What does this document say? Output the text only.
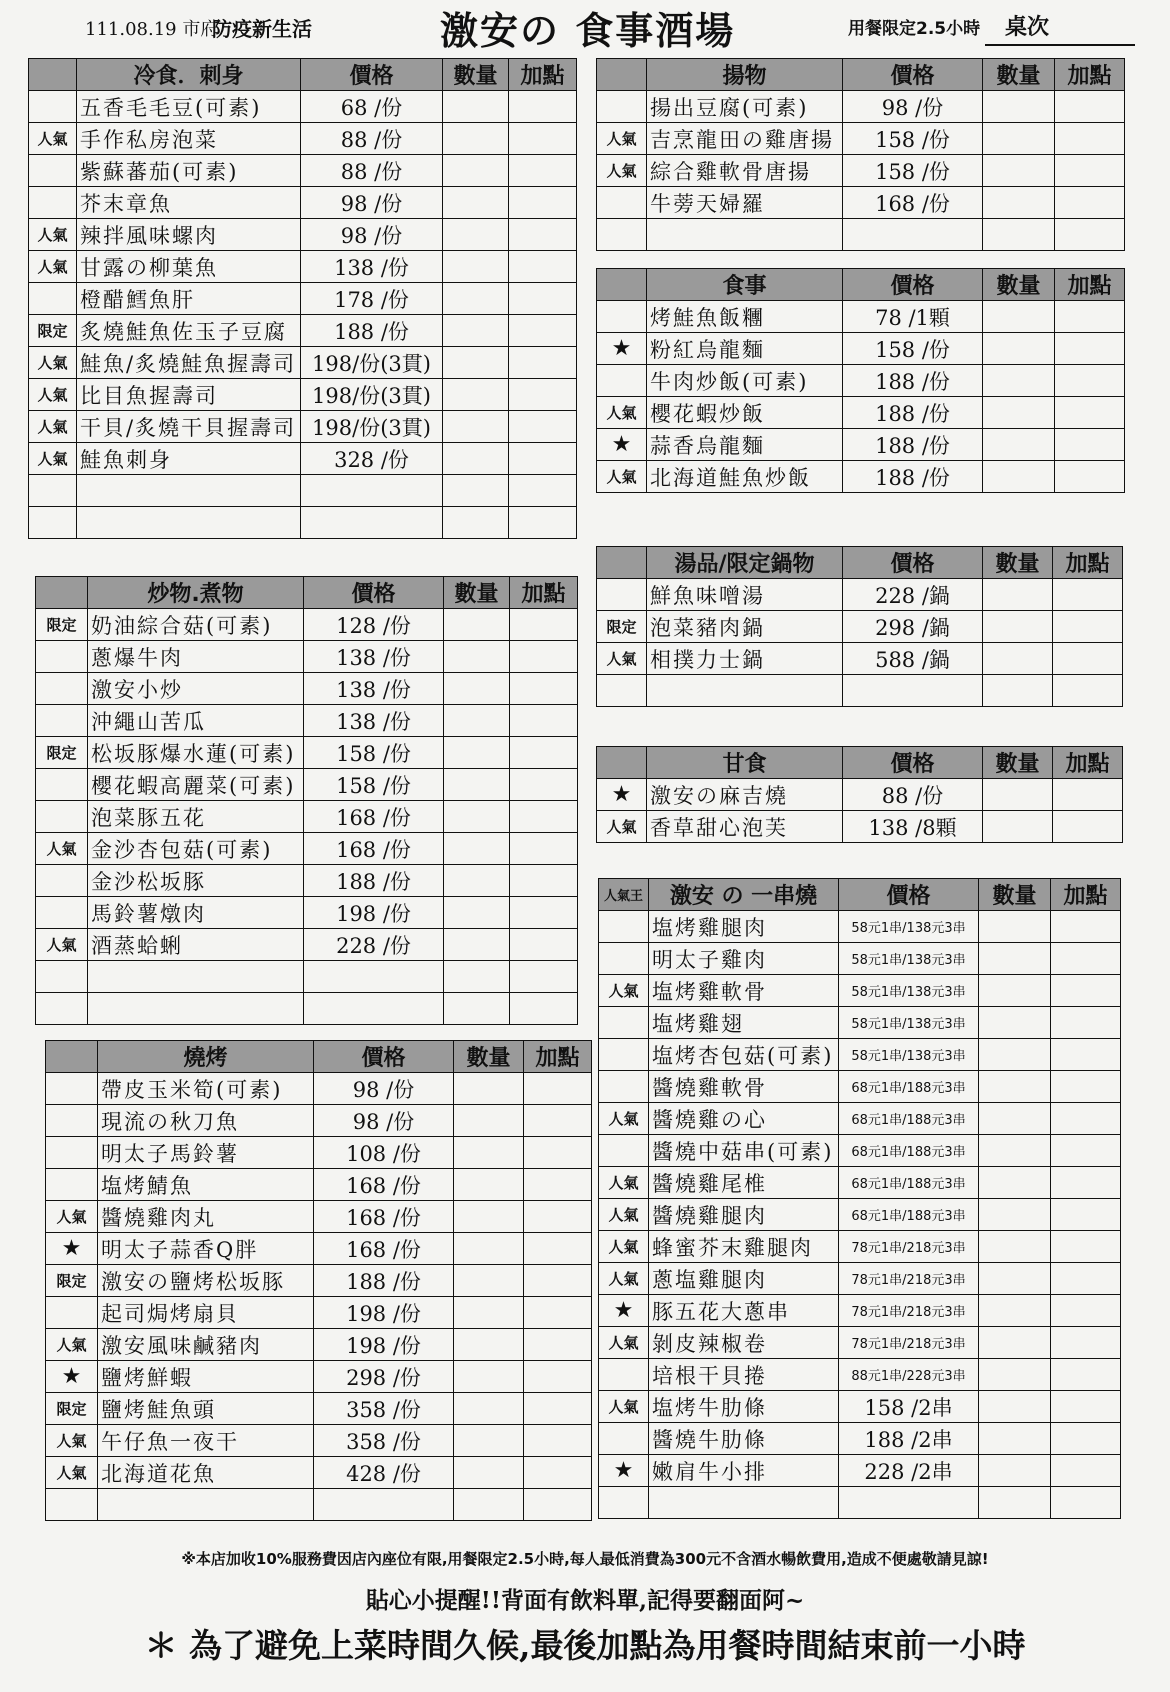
111.08.19 市府
防疫新生活	激安の 食事酒場	用餐限定2.5小時 桌次
	冷食．刺身	價格	數量	加點
	五香毛毛豆(可素)	68 /份		
人氣	手作私房泡菜	88 /份		
	紫蘇蕃茄(可素)	88 /份		
	芥末章魚	98 /份		
人氣	辣拌風味螺肉	98 /份		
人氣	甘露の柳葉魚	138 /份		
	橙醋鱈魚肝	178 /份		
限定	炙燒鮭魚佐玉子豆腐	188 /份		
人氣	鮭魚/炙燒鮭魚握壽司	198/份(3貫)		
人氣	比目魚握壽司	198/份(3貫)		
人氣	干貝/炙燒干貝握壽司	198/份(3貫)		
人氣	鮭魚刺身	328 /份		

	炒物.煮物	價格	數量	加點
限定	奶油綜合菇(可素)	128 /份		
	蔥爆牛肉	138 /份		
	激安小炒	138 /份		
	沖繩山苦瓜	138 /份		
限定	松坂豚爆水蓮(可素)	158 /份		
	櫻花蝦高麗菜(可素)	158 /份		
	泡菜豚五花	168 /份		
人氣	金沙杏包菇(可素)	168 /份		
	金沙松坂豚	188 /份		
	馬鈴薯燉肉	198 /份		
人氣	酒蒸蛤蜊	228 /份		

	燒烤	價格	數量	加點
	帶皮玉米筍(可素)	98 /份		
	現流の秋刀魚	98 /份		
	明太子馬鈴薯	108 /份		
	塩烤鯖魚	168 /份		
人氣	醬燒雞肉丸	168 /份		
★	明太子蒜香Q胖	168 /份		
限定	激安の鹽烤松坂豚	188 /份		
	起司焗烤扇貝	198 /份		
人氣	激安風味鹹豬肉	198 /份		
★	鹽烤鮮蝦	298 /份		
限定	鹽烤鮭魚頭	358 /份		
人氣	午仔魚一夜干	358 /份		
人氣	北海道花魚	428 /份		

	揚物	價格	數量	加點
	揚出豆腐(可素)	98 /份		
人氣	吉烹龍田の雞唐揚	158 /份		
人氣	綜合雞軟骨唐揚	158 /份		
	牛蒡天婦羅	168 /份		

	食事	價格	數量	加點
	烤鮭魚飯糰	78 /1顆		
★	粉紅烏龍麵	158 /份		
	牛肉炒飯(可素)	188 /份		
人氣	櫻花蝦炒飯	188 /份		
★	蒜香烏龍麵	188 /份		
人氣	北海道鮭魚炒飯	188 /份		
	湯品/限定鍋物	價格	數量	加點
	鮮魚味噌湯	228 /鍋		
限定	泡菜豬肉鍋	298 /鍋		
人氣	相撲力士鍋	588 /鍋		

	甘食	價格	數量	加點
★	激安の麻吉燒	88 /份		
人氣	香草甜心泡芙	138 /8顆		
人氣王	激安 の 一串燒	價格	數量	加點
	塩烤雞腿肉	58元1串/138元3串		
	明太子雞肉	58元1串/138元3串		
人氣	塩烤雞軟骨	58元1串/138元3串		
	塩烤雞翅	58元1串/138元3串		
	塩烤杏包菇(可素)	58元1串/138元3串		
	醬燒雞軟骨	68元1串/188元3串		
人氣	醬燒雞の心	68元1串/188元3串		
	醬燒中菇串(可素)	68元1串/188元3串		
人氣	醬燒雞尾椎	68元1串/188元3串		
人氣	醬燒雞腿肉	68元1串/188元3串		
人氣	蜂蜜芥末雞腿肉	78元1串/218元3串		
人氣	蔥塩雞腿肉	78元1串/218元3串		
★	豚五花大蔥串	78元1串/218元3串		
人氣	剝皮辣椒卷	78元1串/218元3串		
	培根干貝捲	88元1串/228元3串		
人氣	塩烤牛肋條	158 /2串		
	醬燒牛肋條	188 /2串		
★	嫩肩牛小排	228 /2串		

※本店加收10%服務費因店內座位有限,用餐限定2.5小時,每人最低消費為300元不含酒水暢飲費用,造成不便處敬請見諒!
貼心小提醒!!背面有飲料單,記得要翻面阿~
＊ 為了避免上菜時間久候,最後加點為用餐時間結束前一小時
